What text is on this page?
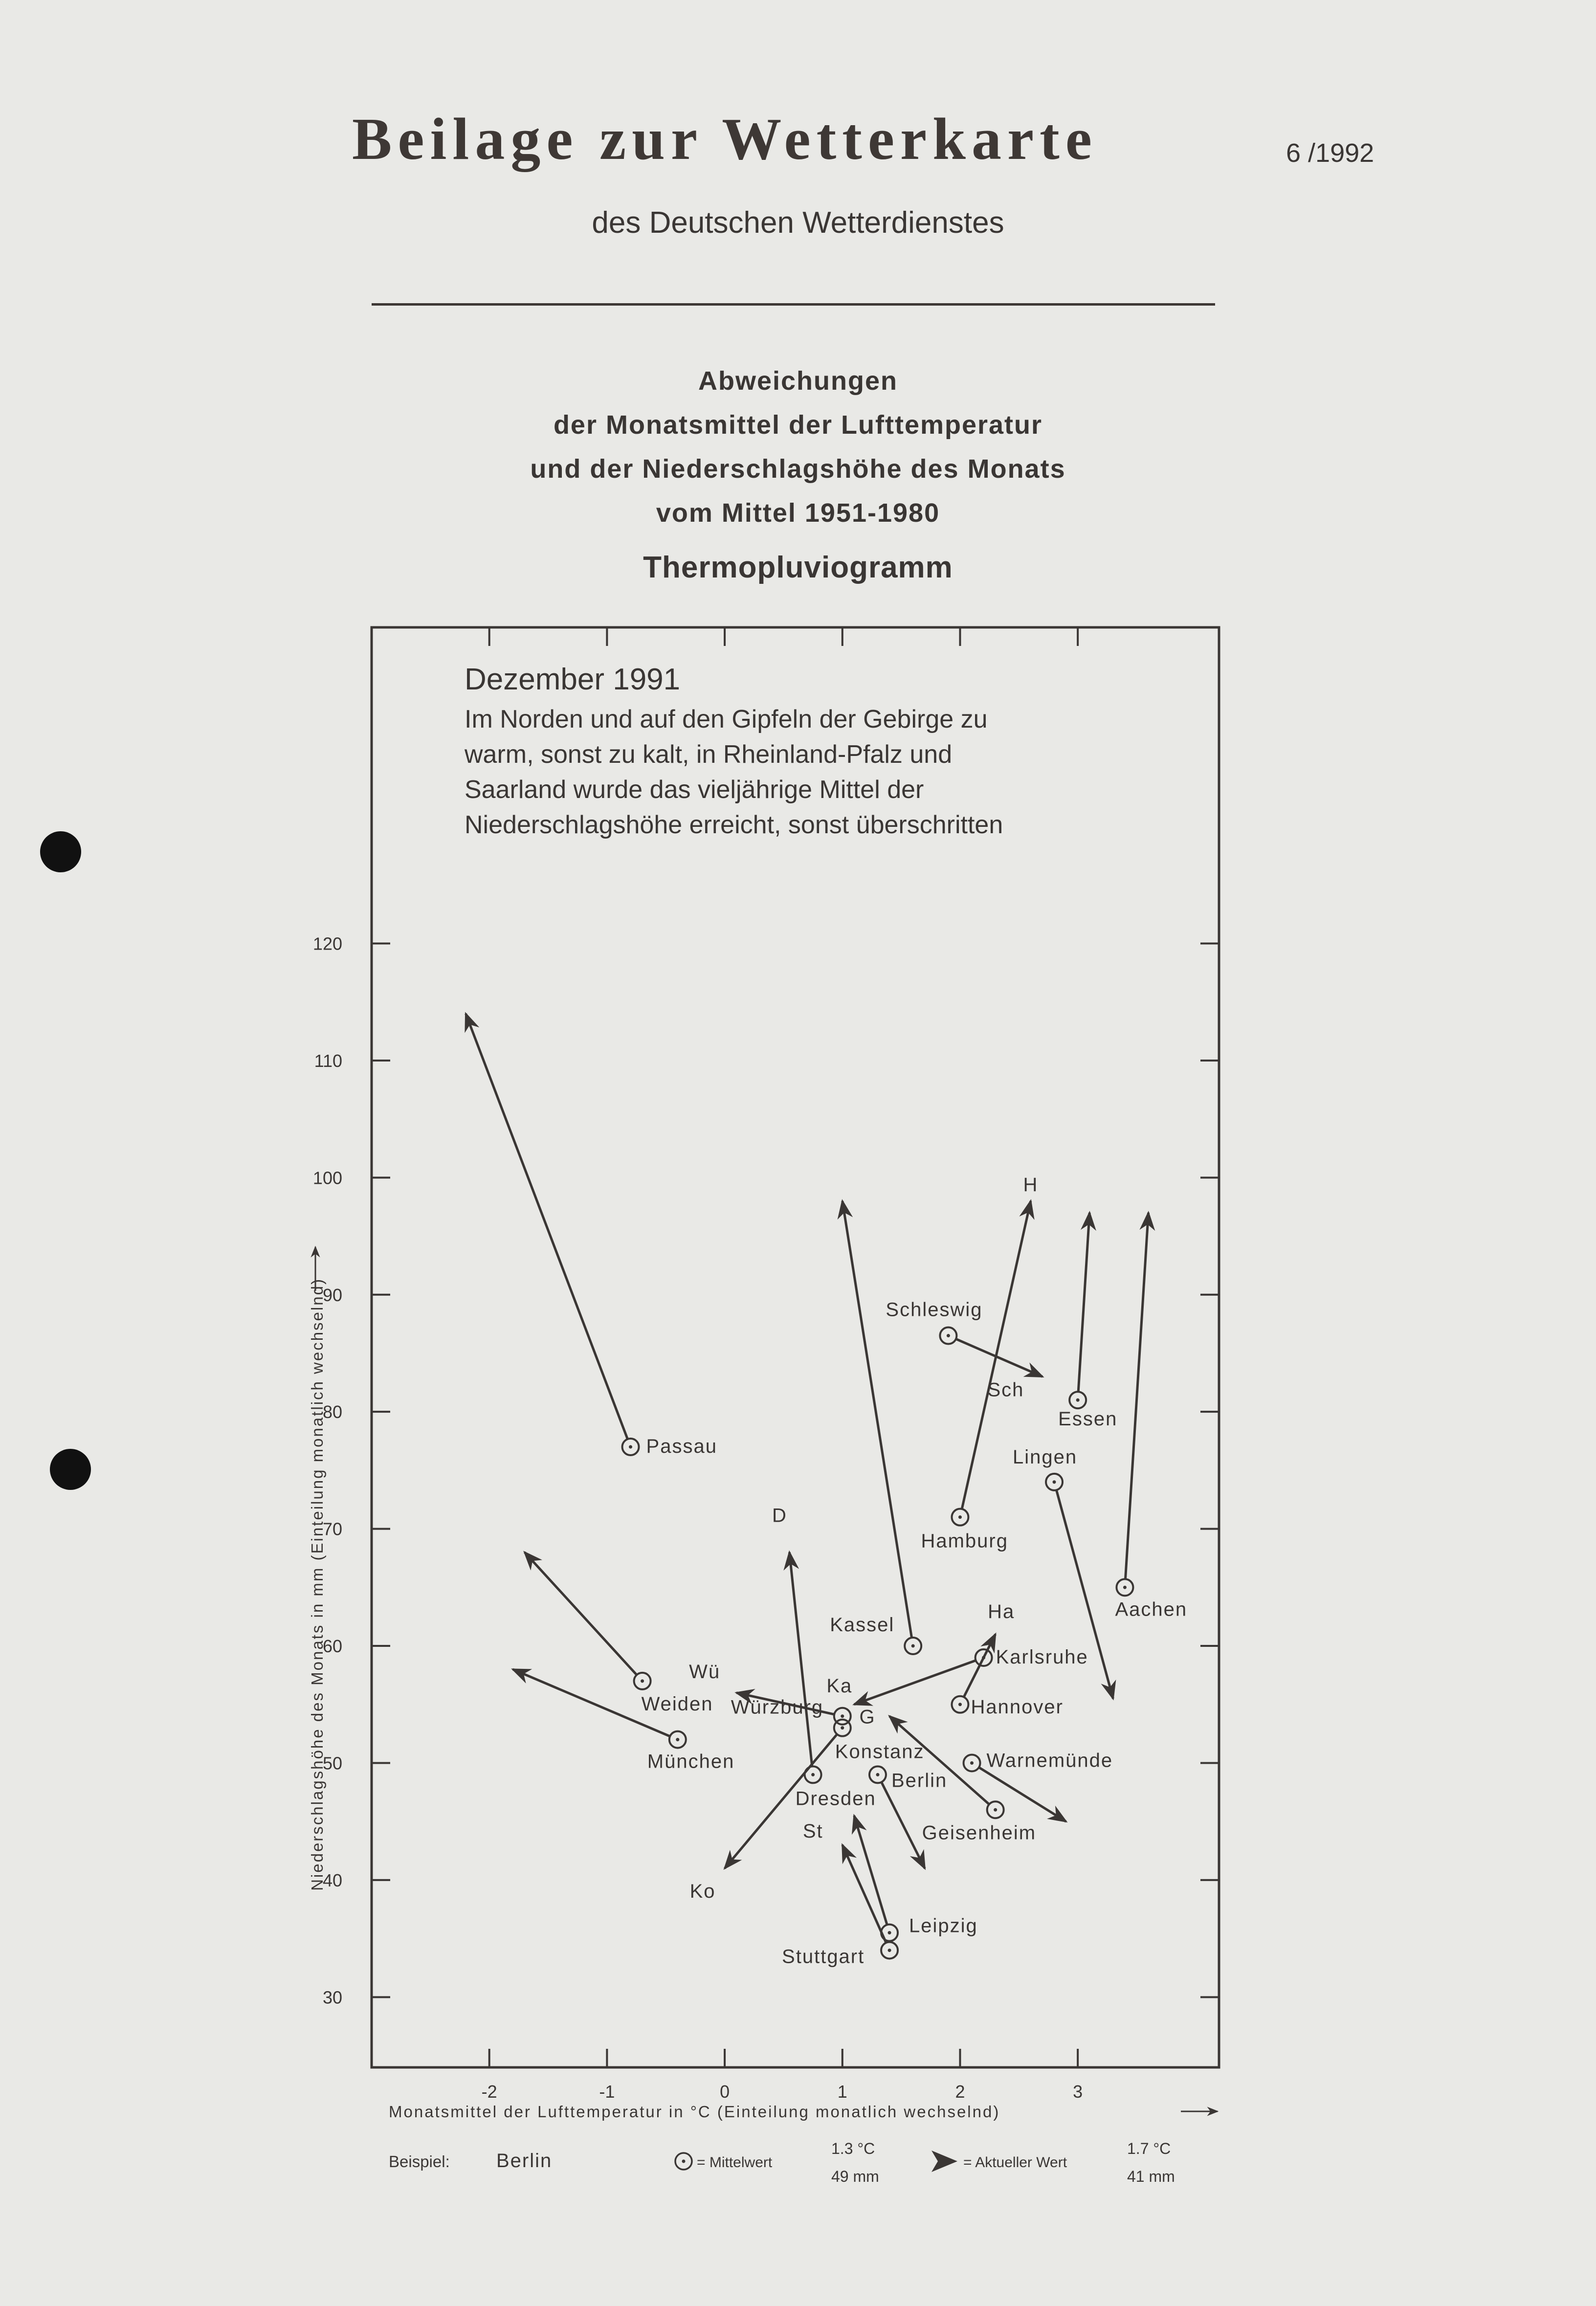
Beilage zur Wetterkarte	6 /1992
des Deutschen Wetterdienstes
Abweichungen
der Monatsmittel der Lufttemperatur
und der Niederschlagshöhe des Monats
vom Mittel 1951-1980
Thermopluviogramm
-2	-1	0	1	2	3
30
40
50
60
70
80
90
100
110
120
Passau
Weiden
München
Würzburg
Wü
Dresden
D
Konstanz
Ko
Kassel
Hamburg
H
Schleswig
Sch
Essen
Aachen
Lingen
Karlsruhe
Ka
Hannover
Ha
Geisenheim
G
Warnemünde
Berlin
Leipzig
Stuttgart
St
Dezember 1991
Im Norden und auf den Gipfeln der Gebirge zu
warm, sonst zu kalt, in Rheinland-Pfalz und
Saarland wurde das vieljährige Mittel der
Niederschlagshöhe erreicht, sonst überschritten
Monatsmittel der Lufttemperatur in °C (Einteilung monatlich wechselnd)
Niederschlagshöhe des Monats in mm (Einteilung monatlich wechselnd)
Beispiel: Berlin	= Mittelwert
1.3 °C
49 mm
= Aktueller Wert
1.7 °C
41 mm
